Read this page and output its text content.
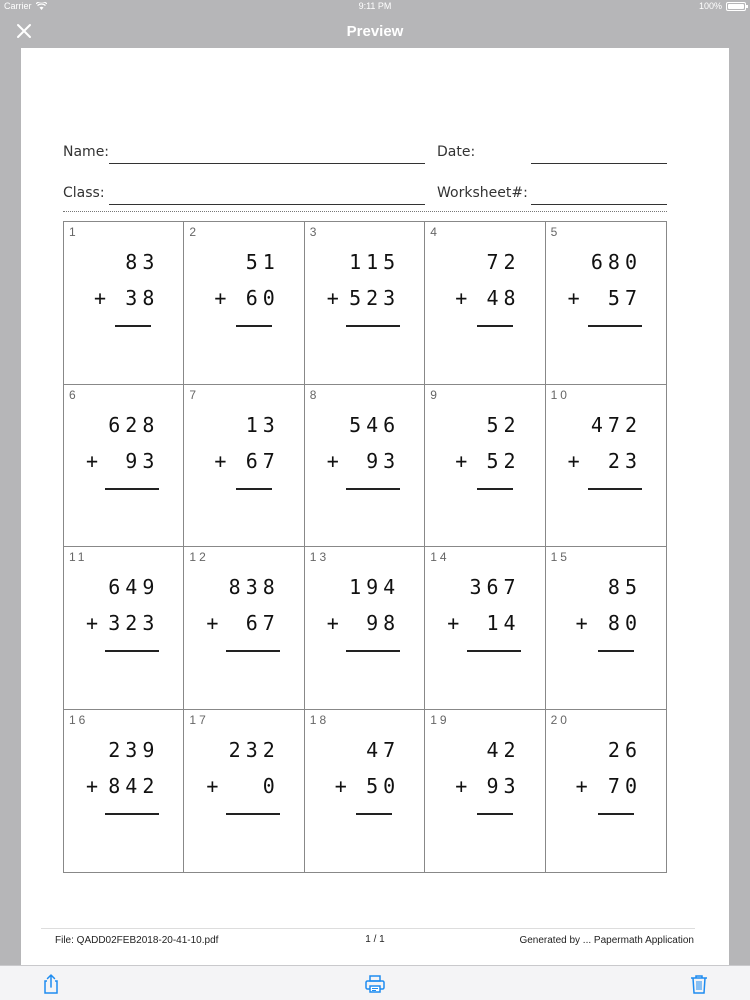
Carrier	9:11 PM	100%
Preview
Name:	Date:
Class:	Worksheet#:
1
83
+ 38
2
51
+ 60
3
115
+ 523
4
72
+ 48
5
680
+ 57
6
628
+ 93
7
13
+ 67
8
546
+ 93
9
52
+ 52
10
472
+ 23
11
649
+ 323
12
838
+ 67
13
194
+ 98
14
367
+ 14
15
85
+ 80
16
239
+ 842
17
232
+ 0
18
47
+ 50
19
42
+ 93
20
26
+ 70
File: QADD02FEB2018-20-41-10.pdf	1 / 1	Generated by ... Papermath Application
